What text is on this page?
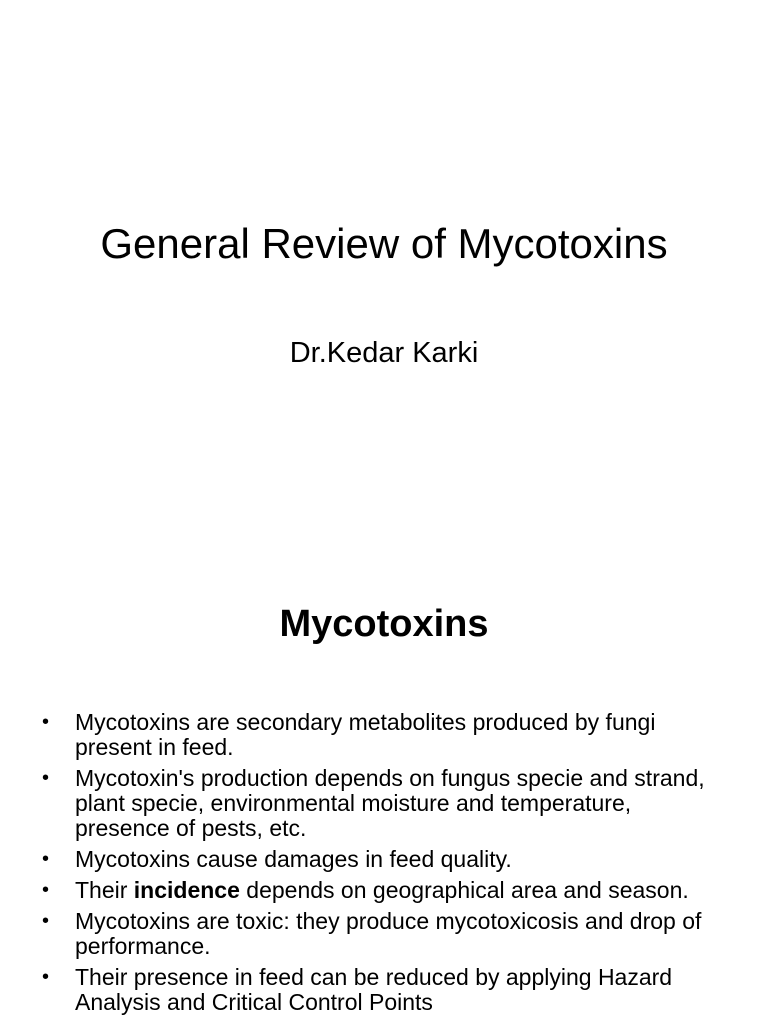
General Review of Mycotoxins

Dr.Kedar Karki

Mycotoxins
• Mycotoxins are secondary metabolites produced by fungi present in feed.
• Mycotoxin's production depends on fungus specie and strand, plant specie, environmental moisture and temperature, presence of pests, etc.
• Mycotoxins cause damages in feed quality.
• Their incidence depends on geographical area and season.
• Mycotoxins are toxic: they produce mycotoxicosis and drop of performance.
• Their presence in feed can be reduced by applying Hazard Analysis and Critical Control Points
